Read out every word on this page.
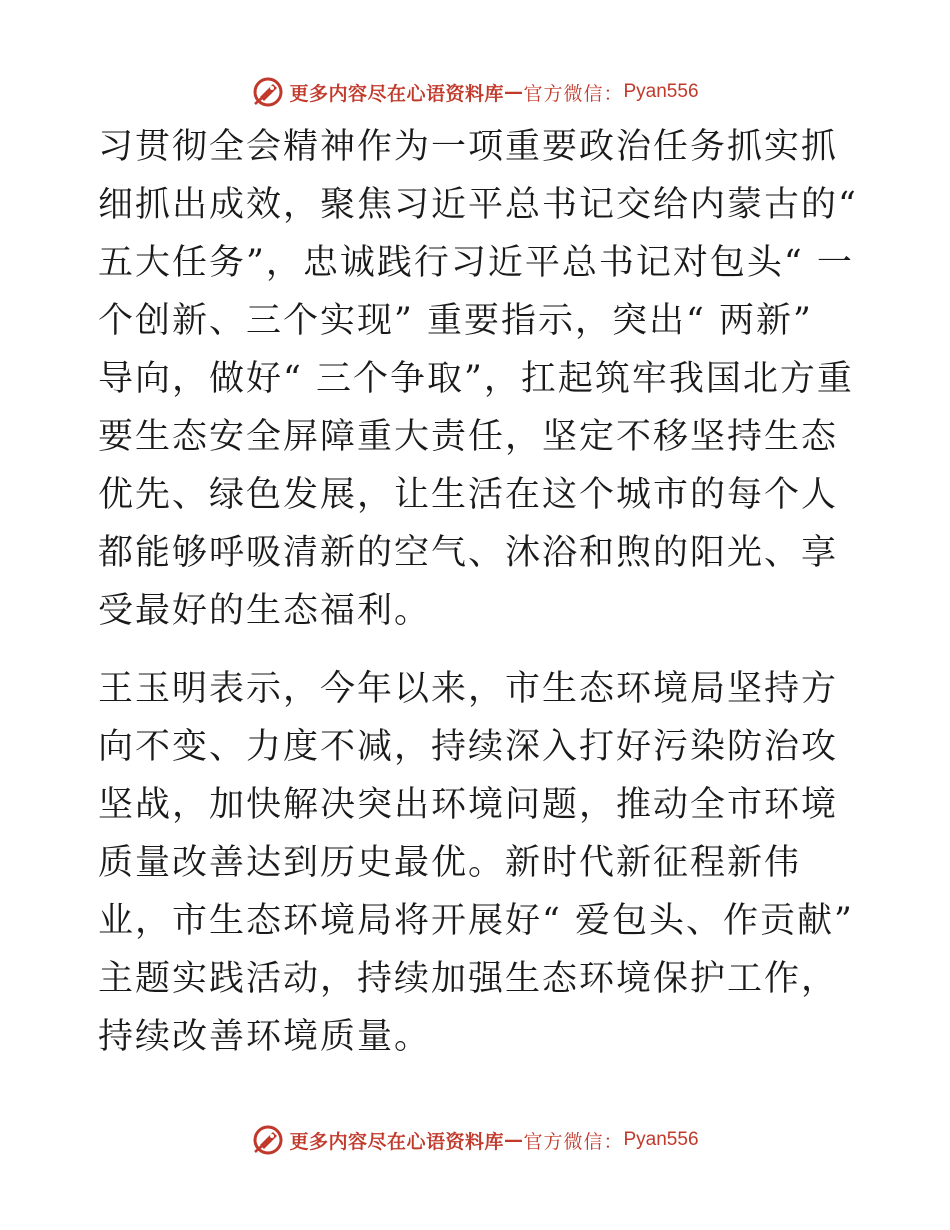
更多内容尽在心语资料库 — 官方微信： Pyan556

习贯彻全会精神作为一项重要政治任务抓实抓细抓出成效，聚焦习近平总书记交给内蒙古的“ 五大任务”，忠诚践行习近平总书记对包头“ 一个创新、三个实现” 重要指示，突出“ 两新” 导向，做好“ 三个争取”，扛起筑牢我国北方重要生态安全屏障重大责任，坚定不移坚持生态优先、绿色发展，让生活在这个城市的每个人都能够呼吸清新的空气、沐浴和煦的阳光、享受最好的生态福利。

王玉明表示，今年以来，市生态环境局坚持方向不变、力度不减，持续深入打好污染防治攻坚战，加快解决突出环境问题，推动全市环境质量改善达到历史最优。新时代新征程新伟业，市生态环境局将开展好“ 爱包头、作贡献” 主题实践活动，持续加强生态环境保护工作，持续改善环境质量。

更多内容尽在心语资料库 — 官方微信： Pyan556
